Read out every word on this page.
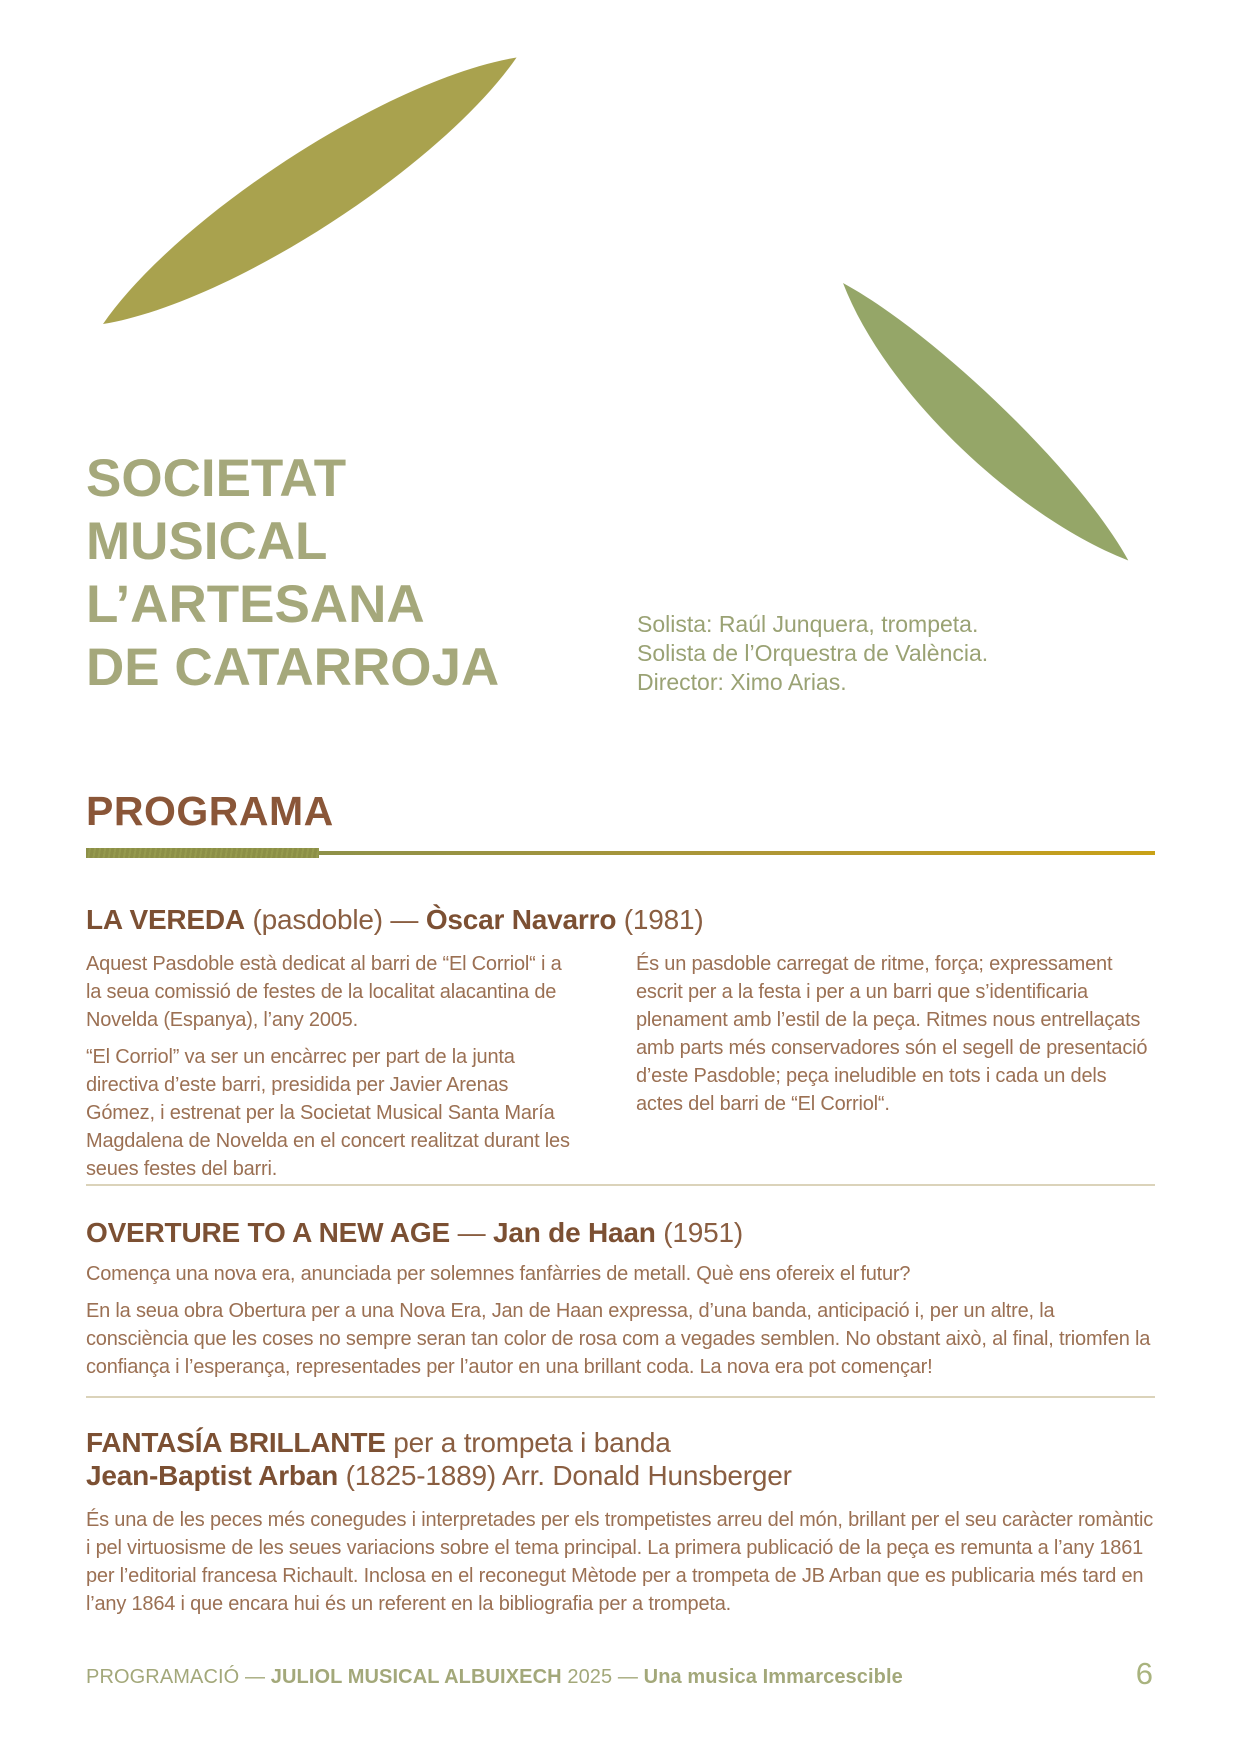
SOCIETAT
MUSICAL
L’ARTESANA
DE CATARROJA
Solista: Raúl Junquera, trompeta.
Solista de l’Orquestra de València.
Director: Ximo Arias.
PROGRAMA
LA VEREDA (pasdoble) — Òscar Navarro (1981)

Aquest Pasdoble està dedicat al barri de “El Corriol“ i a la seua comissió de festes de la localitat alacantina de Novelda (Espanya), l’any 2005.

“El Corriol” va ser un encàrrec per part de la junta directiva d’este barri, presidida per Javier Arenas Gómez, i estrenat per la Societat Musical Santa María Magdalena de Novelda en el concert realitzat durant les seues festes del barri.

És un pasdoble carregat de ritme, força; expressament escrit per a la festa i per a un barri que s’identificaria plenament amb l’estil de la peça. Ritmes nous entrellaçats amb parts més conservadores són el segell de presentació d’este Pasdoble; peça ineludible en tots i cada un dels actes del barri de “El Corriol“.

OVERTURE TO A NEW AGE — Jan de Haan (1951)

Comença una nova era, anunciada per solemnes fanfàrries de metall. Què ens ofereix el futur?

En la seua obra Obertura per a una Nova Era, Jan de Haan expressa, d’una banda, anticipació i, per un altre, la consciència que les coses no sempre seran tan color de rosa com a vegades semblen. No obstant això, al final, triomfen la confiança i l’esperança, representades per l’autor en una brillant coda. La nova era pot començar!

FANTASÍA BRILLANTE per a trompeta i banda
Jean-Baptist Arban (1825-1889) Arr. Donald Hunsberger

És una de les peces més conegudes i interpretades per els trompetistes arreu del món, brillant per el seu caràcter romàntic i pel virtuosisme de les seues variacions sobre el tema principal. La primera publicació de la peça es remunta a l’any 1861 per l’editorial francesa Richault. Inclosa en el reconegut Mètode per a trompeta de JB Arban que es publicaria més tard en l’any 1864 i que encara hui és un referent en la bibliografia per a trompeta.

PROGRAMACIÓ — JULIOL MUSICAL ALBUIXECH 2025 — Una musica Immarcescible	6
